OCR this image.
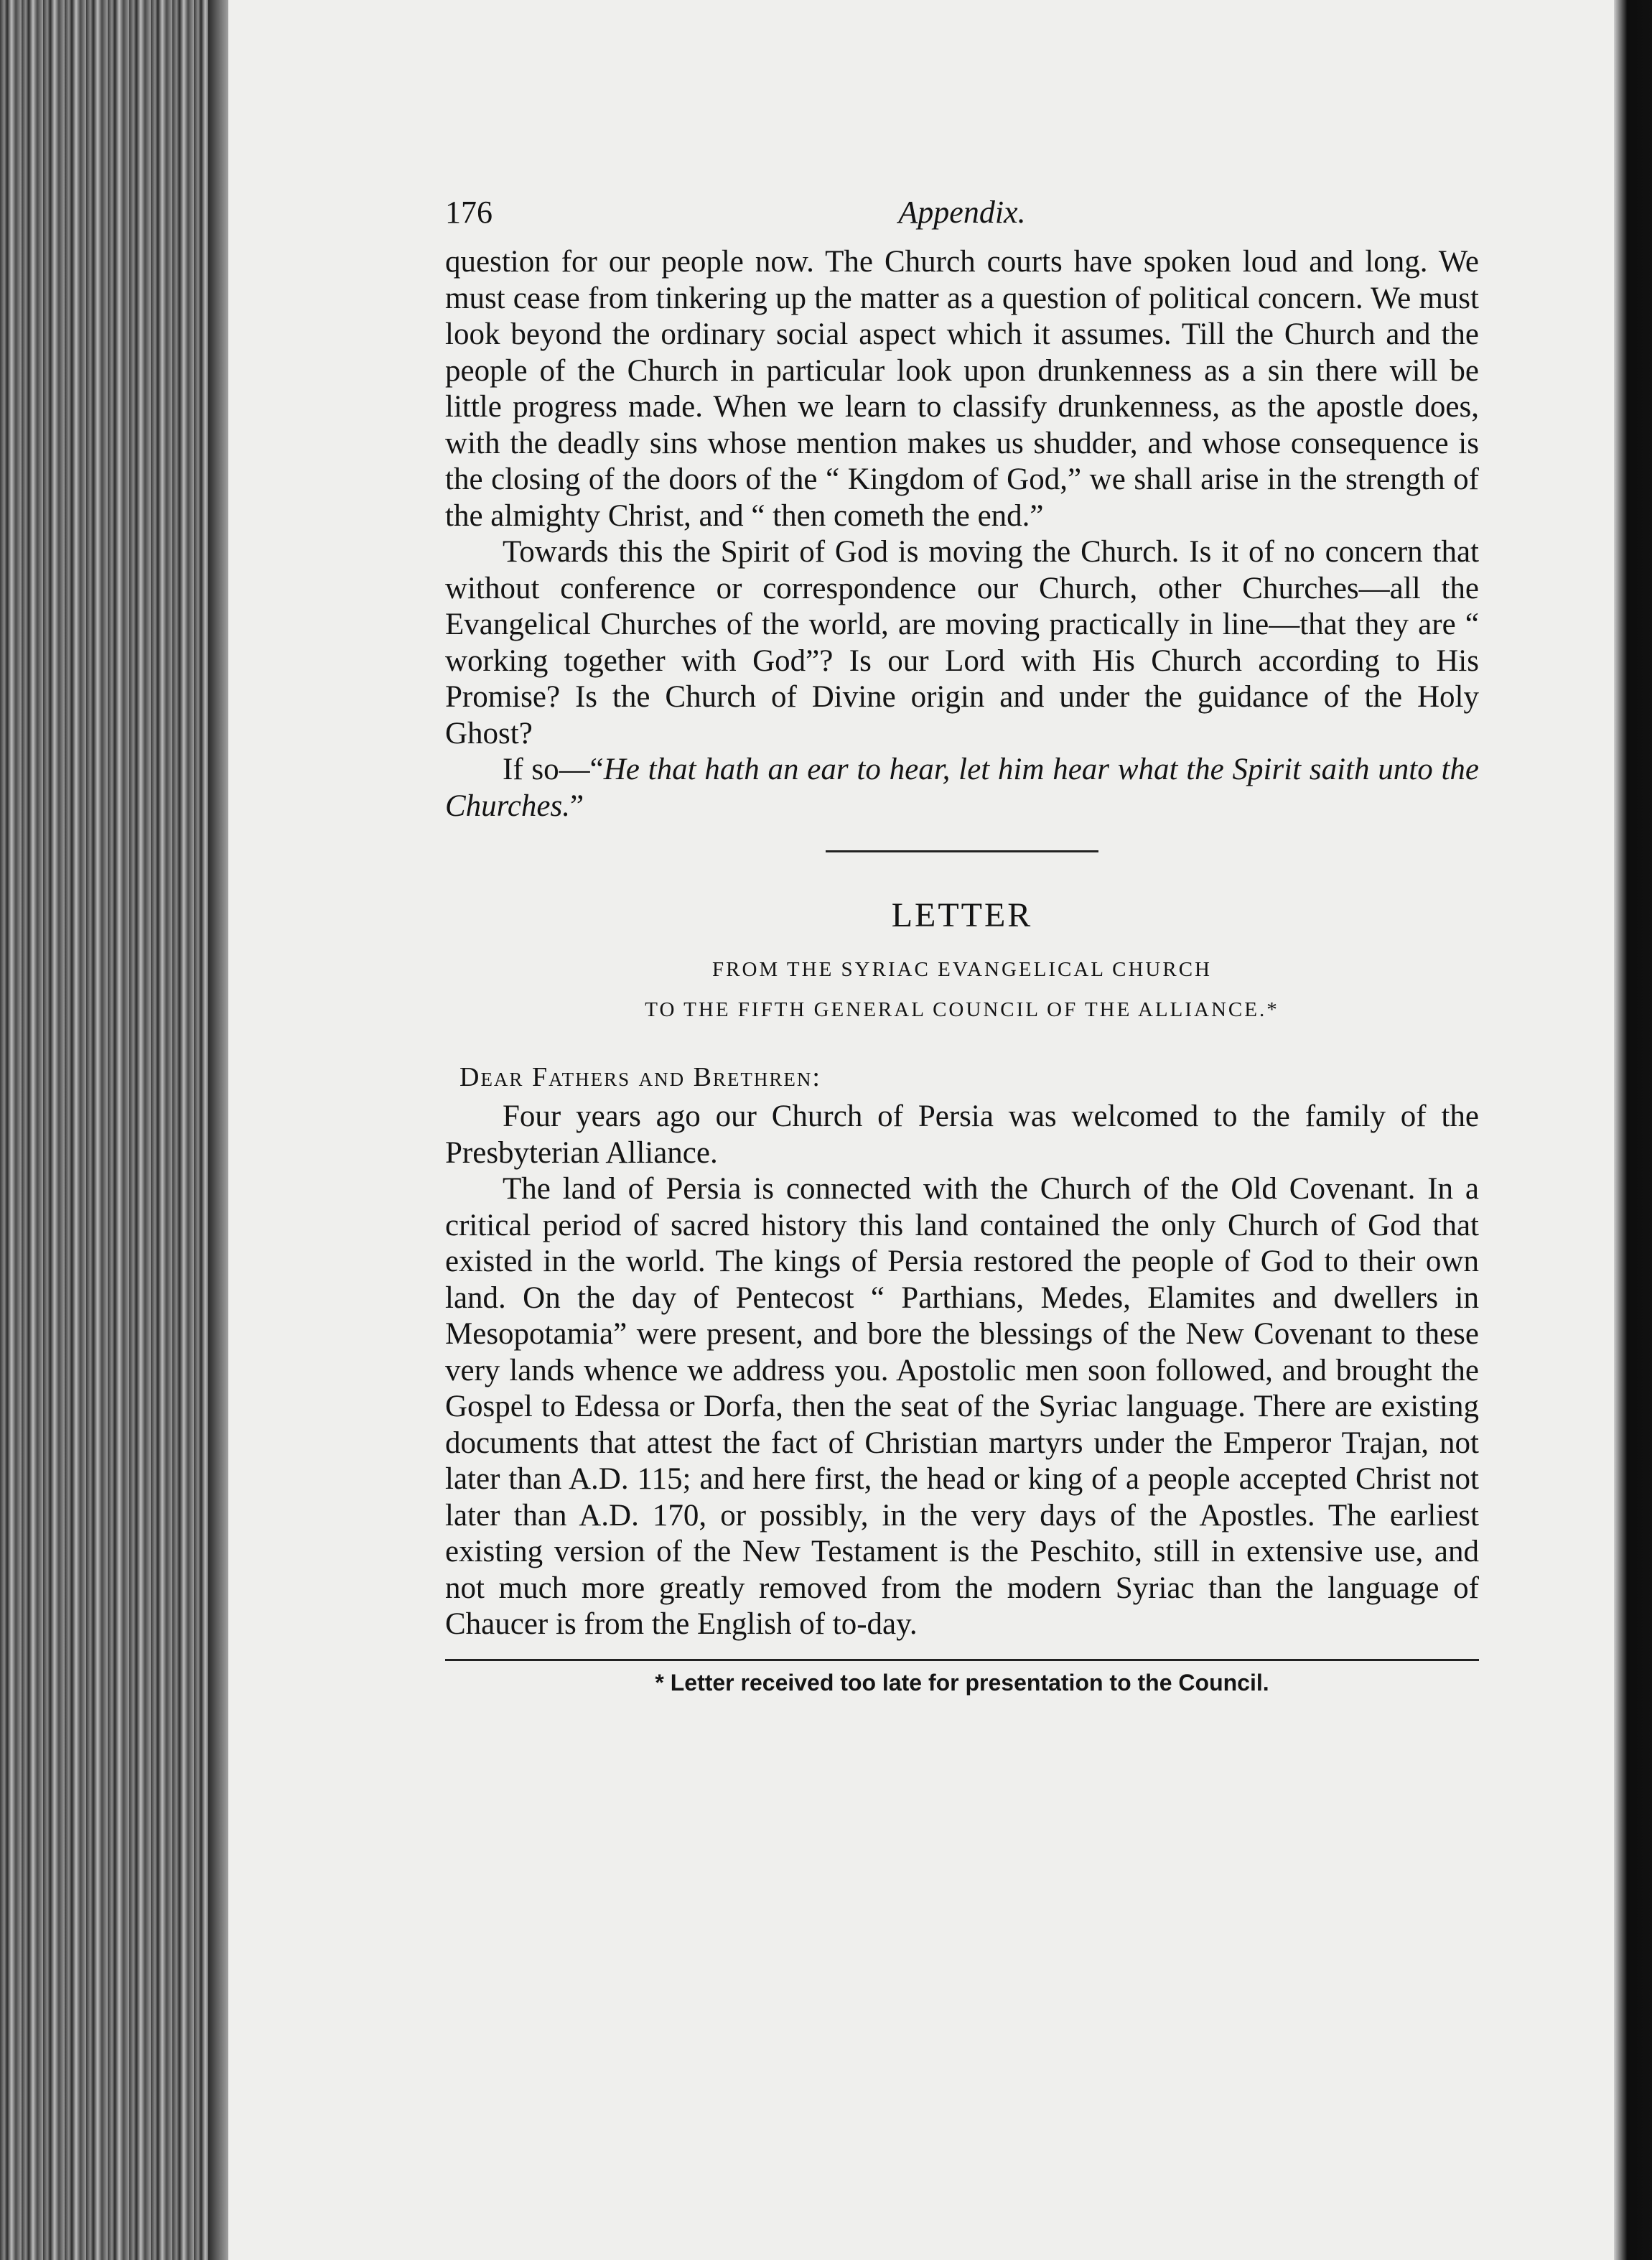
176	Appendix.

question for our people now. The Church courts have spoken loud and long. We must cease from tinkering up the matter as a question of political concern. We must look beyond the ordinary social aspect which it assumes. Till the Church and the people of the Church in particular look upon drunkenness as a sin there will be little progress made. When we learn to classify drunkenness, as the apostle does, with the deadly sins whose mention makes us shudder, and whose consequence is the closing of the doors of the “ Kingdom of God,” we shall arise in the strength of the almighty Christ, and “ then cometh the end.”

Towards this the Spirit of God is moving the Church. Is it of no concern that without conference or correspondence our Church, other Churches—all the Evangelical Churches of the world, are moving practically in line—that they are “ working together with God”? Is our Lord with His Church according to His Promise? Is the Church of Divine origin and under the guidance of the Holy Ghost?

If so—“He that hath an ear to hear, let him hear what the Spirit saith unto the Churches.”

LETTER
FROM THE SYRIAC EVANGELICAL CHURCH
TO THE FIFTH GENERAL COUNCIL OF THE ALLIANCE.*
Dear Fathers and Brethren:

Four years ago our Church of Persia was welcomed to the family of the Presbyterian Alliance.

The land of Persia is connected with the Church of the Old Covenant. In a critical period of sacred history this land contained the only Church of God that existed in the world. The kings of Persia restored the people of God to their own land. On the day of Pentecost “ Parthians, Medes, Elamites and dwellers in Mesopotamia” were present, and bore the blessings of the New Covenant to these very lands whence we address you. Apostolic men soon followed, and brought the Gospel to Edessa or Dorfa, then the seat of the Syriac language. There are existing documents that attest the fact of Christian martyrs under the Emperor Trajan, not later than A.D. 115; and here first, the head or king of a people accepted Christ not later than A.D. 170, or possibly, in the very days of the Apostles. The earliest existing version of the New Testament is the Peschito, still in extensive use, and not much more greatly removed from the modern Syriac than the language of Chaucer is from the English of to-day.

* Letter received too late for presentation to the Council.
